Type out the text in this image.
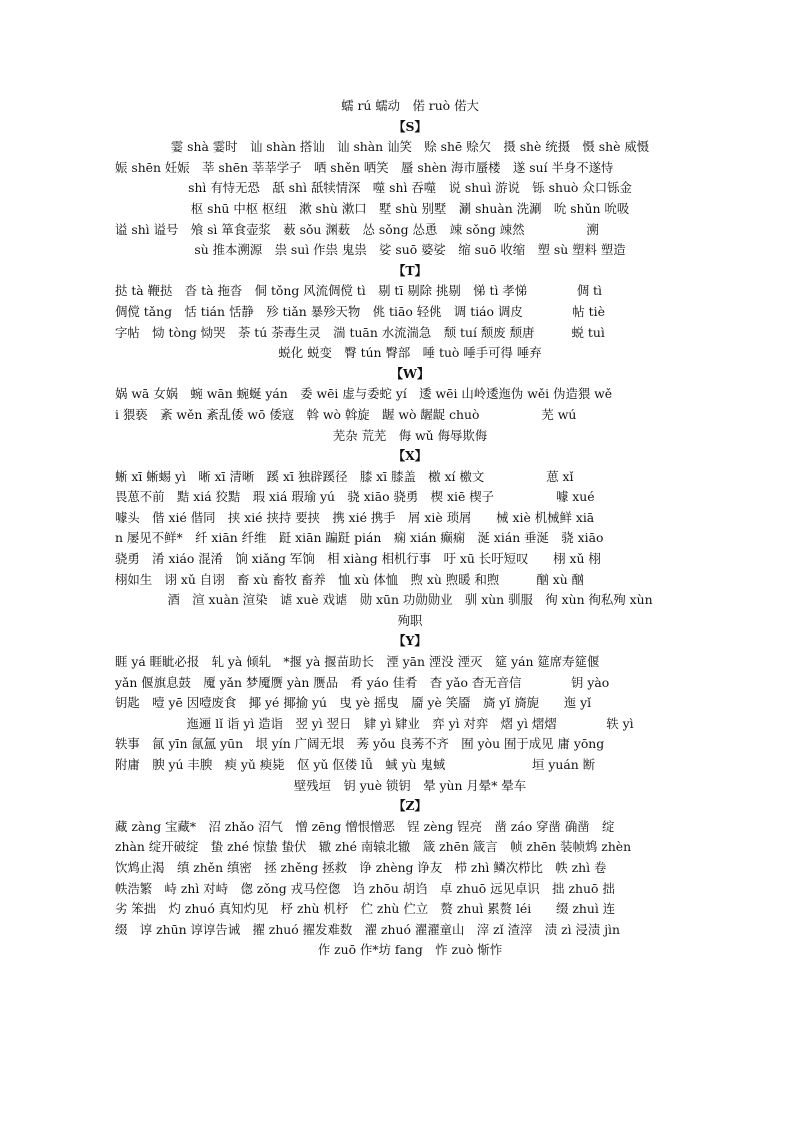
蠕 rú 蠕动　偌 ruò 偌大
【S】
霎 shà 霎时　讪 shàn 搭讪　讪 shàn 讪笑　赊 shē 赊欠　摄 shè 统摄　慑 shè 威慑
娠 shēn 妊娠　莘 shēn 莘莘学子　哂 shěn 哂笑　蜃 shèn 海市蜃楼　遂 suí 半身不遂恃
shì 有恃无恐　舐 shì 舐犊情深　噬 shì 吞噬　说 shuì 游说　铄 shuò 众口铄金
枢 shū 中枢 枢纽　漱 shù 漱口　墅 shù 别墅　涮 shuàn 洗涮　吮 shǔn 吮吸
谥 shì 谥号　飧 sì 箪食壶浆　薮 sǒu 渊薮　怂 sǒng 怂恿　竦 sǒng 竦然　　　　　溯
sù 推本溯源　祟 suì 作祟 鬼祟　娑 suō 婆娑　缩 suō 收缩　塑 sù 塑料 塑造
【T】
挞 tà 鞭挞　沓 tà 拖沓　侗 tǒng 风流倜傥 tì　剔 tī 剔除 挑剔　悌 tì 孝悌　　　　倜 tì
倜傥 tǎng　恬 tián 恬静　殄 tiǎn 暴殄天物　佻 tiāo 轻佻　调 tiáo 调皮　　　　帖 tiè
字帖　恸 tòng 恸哭　荼 tú 荼毒生灵　湍 tuān 水流湍急　颓 tuí 颓废 颓唐　　　蜕 tuì
蜕化 蜕变　臀 tún 臀部　唾 tuò 唾手可得 唾弃
【W】
娲 wā 女娲　蜿 wān 蜿蜒 yán　委 wēi 虚与委蛇 yí　逶 wēi 山岭逶迤伪 wěi 伪造猥 wě
i 猥亵　紊 wěn 紊乱倭 wō 倭寇　斡 wò 斡旋　龌 wò 龌龊 chuò　　　　　芜 wú
芜杂 荒芜　侮 wǔ 侮辱欺侮
【X】
蜥 xī 蜥蜴 yì　晰 xī 清晰　蹊 xī 独辟蹊径　膝 xī 膝盖　檄 xí 檄文　　　　　葸 xǐ
畏葸不前　黠 xiá 狡黠　瑕 xiá 瑕瑜 yú　骁 xiāo 骁勇　楔 xiē 楔子　　　　　噱 xué
噱头　偕 xié 偕同　挟 xié 挟持 要挟　携 xié 携手　屑 xiè 琐屑　　械 xiè 机械鲜 xiā
n 屡见不鲜*　纤 xiān 纤维　跹 xiān 蹁跹 pián　痫 xián 癫痫　涎 xián 垂涎　骁 xiāo
骁勇　淆 xiáo 混淆　饷 xiǎng 军饷　相 xiàng 相机行事　吁 xū 长吁短叹　　栩 xǔ 栩
栩如生　诩 xǔ 自诩　畜 xù 畜牧 畜养　恤 xù 体恤　煦 xù 煦暖 和煦　　　酗 xù 酗
酒　渲 xuàn 渲染　谑 xuè 戏谑　勋 xūn 功勋勋业　驯 xùn 驯服　徇 xùn 徇私殉 xùn
殉职
【Y】
睚 yá 睚眦必报　轧 yà 倾轧　*揠 yà 揠苗助长　湮 yān 湮没 湮灭　筵 yán 筵席寿筵偃
yǎn 偃旗息鼓　魇 yǎn 梦魇赝 yàn 赝品　肴 yáo 佳肴　杳 yǎo 杳无音信　　　　钥 yào
钥匙　噎 yē 因噎废食　揶 yé 揶揄 yú　曳 yè 摇曳　靥 yè 笑靥　旖 yǐ 旖旎　　迤 yǐ
迤逦 lǐ 诣 yì 造诣　翌 yì 翌日　肄 yì 肄业　弈 yì 对弈　熠 yì 熠熠　　　　轶 yì
轶事　氤 yīn 氤氲 yūn　垠 yín 广阔无垠　莠 yǒu 良莠不齐　囿 yòu 囿于成见 庸 yōng
附庸　腴 yú 丰腴　瘐 yǔ 瘐毙　伛 yǔ 伛偻 lǚ　蜮 yù 鬼蜮　　　　　　　垣 yuán 断
壁残垣　钥 yuè 锁钥　晕 yùn 月晕* 晕车
【Z】
藏 zàng 宝藏*　沼 zhǎo 沼气　憎 zēng 憎恨憎恶　锃 zèng 锃亮　凿 záo 穿凿 确凿　绽
zhàn 绽开破绽　蛰 zhé 惊蛰 蛰伏　辙 zhé 南辕北辙　箴 zhēn 箴言　帧 zhēn 装帧鸩 zhèn
饮鸩止渴　缜 zhěn 缜密　拯 zhěng 拯救　诤 zhèng 诤友　栉 zhì 鳞次栉比　帙 zhì 卷
帙浩繁　峙 zhì 对峙　偬 zǒng 戎马倥偬　诌 zhōu 胡诌　卓 zhuō 远见卓识　拙 zhuō 拙
劣 笨拙　灼 zhuó 真知灼见　杼 zhù 机杼　伫 zhù 伫立　赘 zhuì 累赘 léi　　缀 zhuì 连
缀　谆 zhūn 谆谆告诫　擢 zhuó 擢发难数　濯 zhuó 濯濯童山　滓 zǐ 渣滓　渍 zì 浸渍 jìn
作 zuō 作*坊 fang　怍 zuò 惭怍
